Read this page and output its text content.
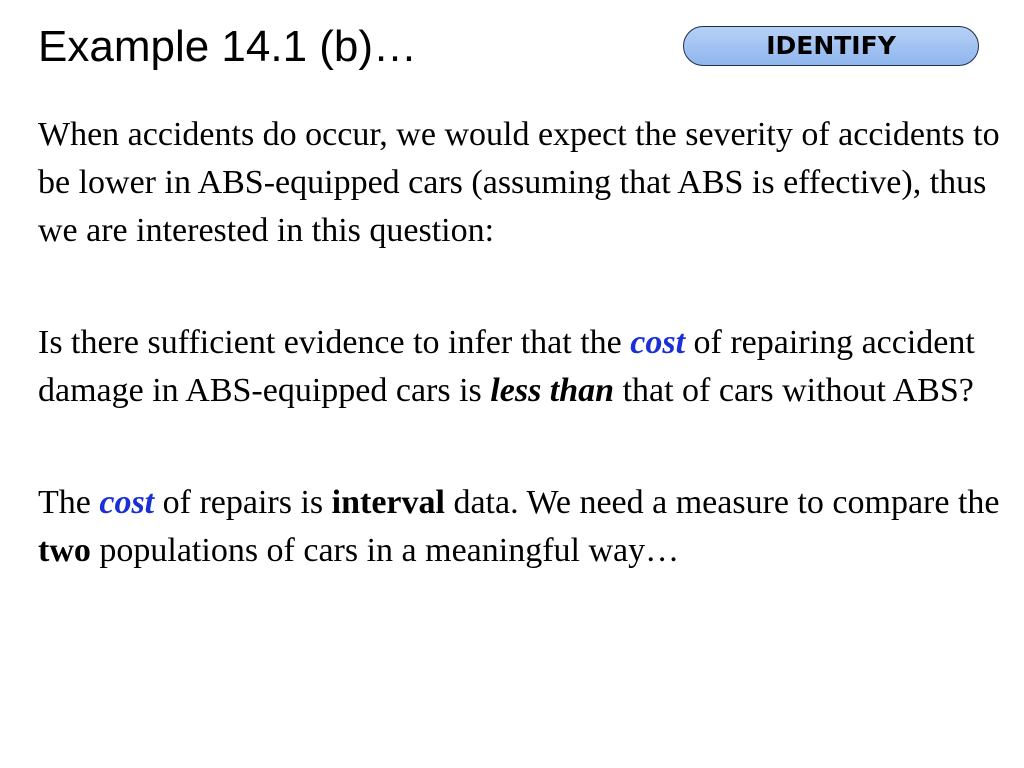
Example 14.1 (b)…	IDENTIFY

When accidents do occur, we would expect the severity of accidents to be lower in ABS-equipped cars (assuming that ABS is effective), thus we are interested in this question:

Is there sufficient evidence to infer that the cost of repairing accident damage in ABS-equipped cars is less than that of cars without ABS?

The cost of repairs is interval data. We need a measure to compare the two populations of cars in a meaningful way…
